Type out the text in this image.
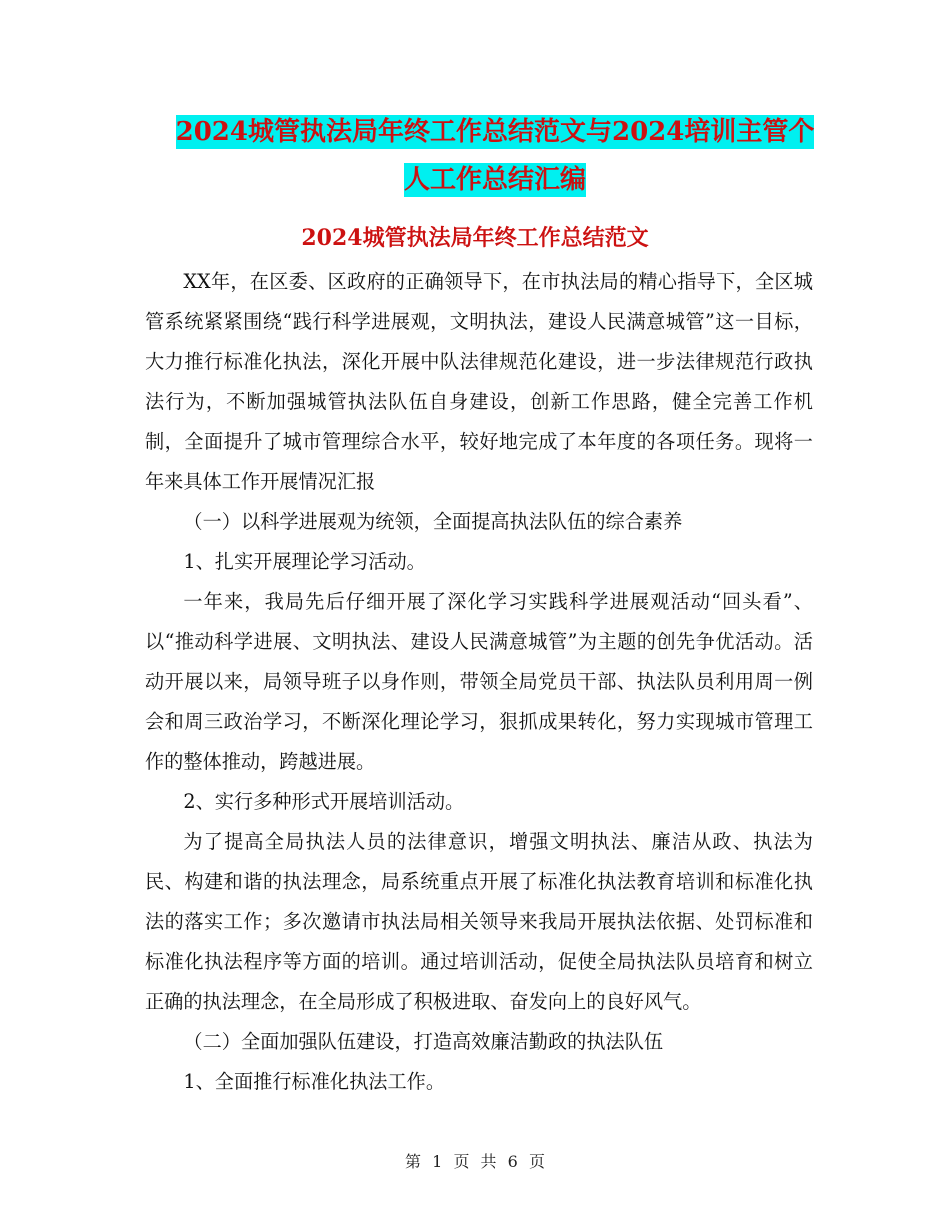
2024城管执法局年终工作总结范文与2024培训主管个
人工作总结汇编
2024城管执法局年终工作总结范文

XX年，在区委、区政府的正确领导下，在市执法局的精心指导下，全区城管系统紧紧围绕“践行科学进展观，文明执法，建设人民满意城管”这一目标，大力推行标准化执法，深化开展中队法律规范化建设，进一步法律规范行政执法行为，不断加强城管执法队伍自身建设，创新工作思路，健全完善工作机制，全面提升了城市管理综合水平，较好地完成了本年度的各项任务。现将一年来具体工作开展情况汇报

（一）以科学进展观为统领，全面提高执法队伍的综合素养

1、扎实开展理论学习活动。

一年来，我局先后仔细开展了深化学习实践科学进展观活动“回头看”、以“推动科学进展、文明执法、建设人民满意城管”为主题的创先争优活动。活动开展以来，局领导班子以身作则，带领全局党员干部、执法队员利用周一例会和周三政治学习，不断深化理论学习，狠抓成果转化，努力实现城市管理工作的整体推动，跨越进展。

2、实行多种形式开展培训活动。

为了提高全局执法人员的法律意识，增强文明执法、廉洁从政、执法为民、构建和谐的执法理念，局系统重点开展了标准化执法教育培训和标准化执法的落实工作；多次邀请市执法局相关领导来我局开展执法依据、处罚标准和标准化执法程序等方面的培训。通过培训活动，促使全局执法队员培育和树立正确的执法理念，在全局形成了积极进取、奋发向上的良好风气。

（二）全面加强队伍建设，打造高效廉洁勤政的执法队伍

1、全面推行标准化执法工作。

第 1 页 共 6 页
